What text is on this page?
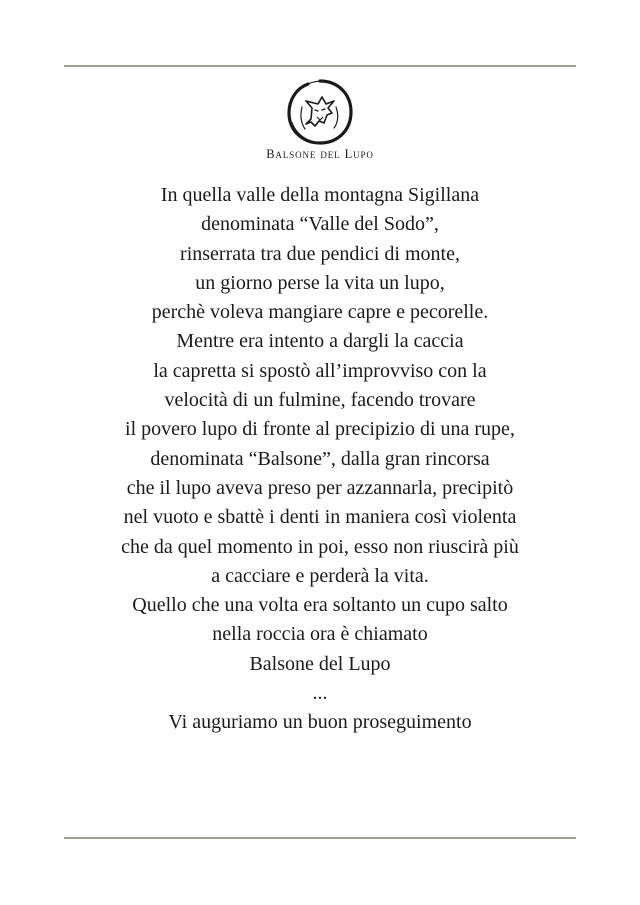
Balsone del Lupo
In quella valle della montagna Sigillana
denominata “Valle del Sodo”,
rinserrata tra due pendici di monte,
un giorno perse la vita un lupo,
perchè voleva mangiare capre e pecorelle.
Mentre era intento a dargli la caccia
la capretta si spostò all’improvviso con la
velocità di un fulmine, facendo trovare
il povero lupo di fronte al precipizio di una rupe,
denominata “Balsone”, dalla gran rincorsa
che il lupo aveva preso per azzannarla, precipitò
nel vuoto e sbattè i denti in maniera così violenta
che da quel momento in poi, esso non riuscirà più
a cacciare e perderà la vita.
Quello che una volta era soltanto un cupo salto
nella roccia ora è chiamato
Balsone del Lupo
...
Vi auguriamo un buon proseguimento
